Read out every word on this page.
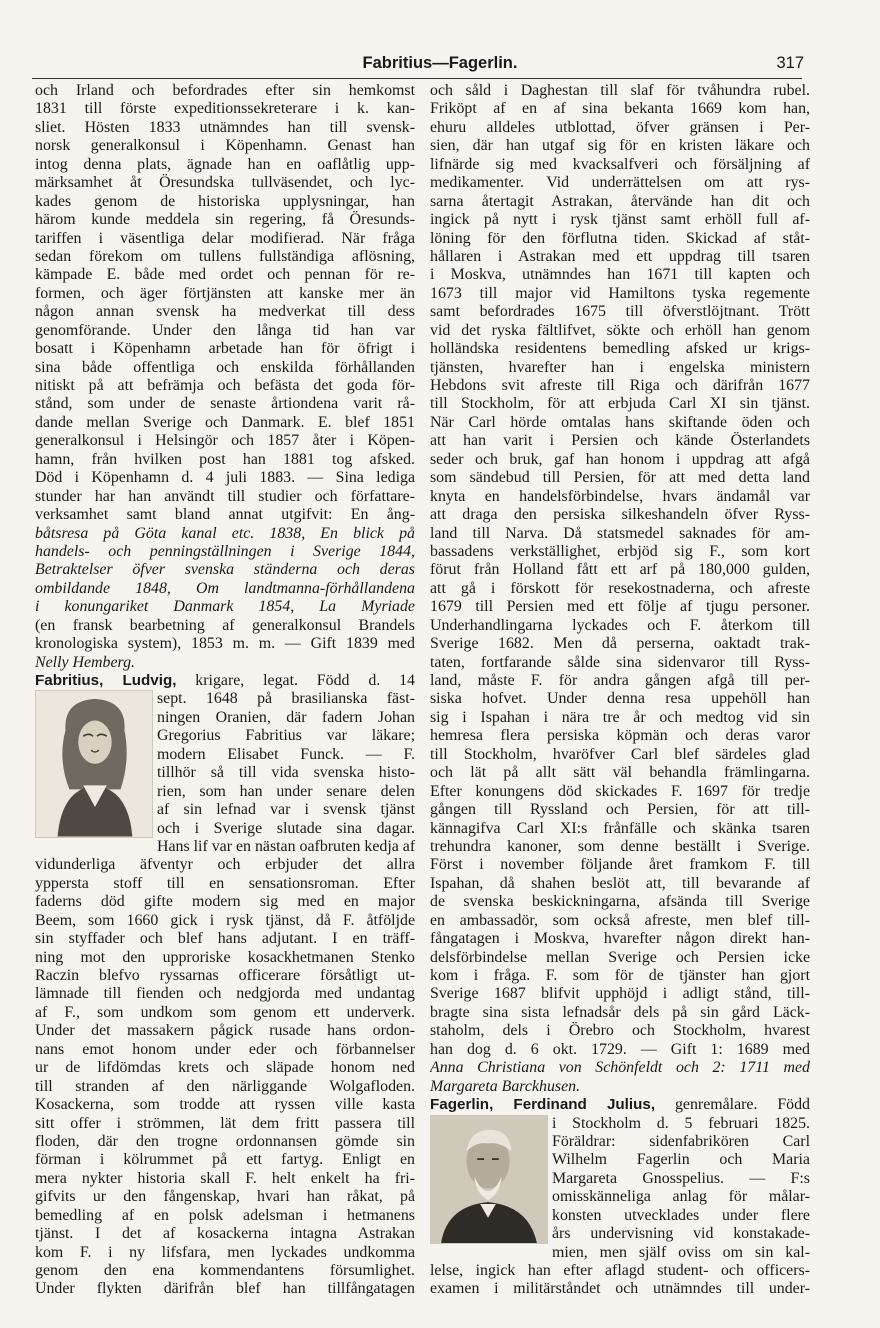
Fabritius—Fagerlin.	317
och Irland och befordrades efter sin hemkomst
1831 till förste expeditionssekreterare i k. kan-
sliet. Hösten 1833 utnämndes han till svensk-
norsk generalkonsul i Köpenhamn. Genast han
intog denna plats, ägnade han en oaflåtlig upp-
märksamhet åt Öresundska tullväsendet, och lyc-
kades genom de historiska upplysningar, han
härom kunde meddela sin regering, få Öresunds-
tariffen i väsentliga delar modifierad. När fråga
sedan förekom om tullens fullständiga aflösning,
kämpade E. både med ordet och pennan för re-
formen, och äger förtjänsten att kanske mer än
någon annan svensk ha medverkat till dess
genomförande. Under den långa tid han var
bosatt i Köpenhamn arbetade han för öfrigt i
sina både offentliga och enskilda förhållanden
nitiskt på att befrämja och befästa det goda för-
stånd, som under de senaste årtiondena varit rå-
dande mellan Sverige och Danmark. E. blef 1851
generalkonsul i Helsingör och 1857 åter i Köpen-
hamn, från hvilken post han 1881 tog afsked.
Död i Köpenhamn d. 4 juli 1883. — Sina lediga
stunder har han användt till studier och författare-
verksamhet samt bland annat utgifvit: En ång-
båtsresa på Göta kanal etc. 1838, En blick på
handels- och penningställningen i Sverige 1844,
Betraktelser öfver svenska ständerna och deras
ombildande 1848, Om landtmanna-förhållandena
i konungariket Danmark 1854, La Myriade
(en fransk bearbetning af generalkonsul Brandels
kronologiska system), 1853 m. m. — Gift 1839 med
Nelly Hemberg.
Fabritius, Ludvig, krigare, legat. Född d. 14
sept. 1648 på brasilianska fäst-
ningen Oranien, där fadern Johan
Gregorius Fabritius var läkare;
modern Elisabet Funck. — F.
tillhör så till vida svenska histo-
rien, som han under senare delen
af sin lefnad var i svensk tjänst
och i Sverige slutade sina dagar.
Hans lif var en nästan oafbruten kedja af
vidunderliga äfventyr och erbjuder det allra
yppersta stoff till en sensationsroman. Efter
faderns död gifte modern sig med en major
Beem, som 1660 gick i rysk tjänst, då F. åtföljde
sin styffader och blef hans adjutant. I en träff-
ning mot den upproriske kosackhetmanen Stenko
Raczin blefvo ryssarnas officerare försåtligt ut-
lämnade till fienden och nedgjorda med undantag
af F., som undkom som genom ett underverk.
Under det massakern pågick rusade hans ordon-
nans emot honom under eder och förbannelser
ur de lifdömdas krets och släpade honom ned
till stranden af den närliggande Wolgafloden.
Kosackerna, som trodde att ryssen ville kasta
sitt offer i strömmen, lät dem fritt passera till
floden, där den trogne ordonnansen gömde sin
förman i kölrummet på ett fartyg. Enligt en
mera nykter historia skall F. helt enkelt ha fri-
gifvits ur den fångenskap, hvari han råkat, på
bemedling af en polsk adelsman i hetmanens
tjänst. I det af kosackerna intagna Astrakan
kom F. i ny lifsfara, men lyckades undkomma
genom den ena kommendantens försumlighet.
Under flykten därifrån blef han tillfångatagen
och såld i Daghestan till slaf för tvåhundra rubel.
Friköpt af en af sina bekanta 1669 kom han,
ehuru alldeles utblottad, öfver gränsen i Per-
sien, där han utgaf sig för en kristen läkare och
lifnärde sig med kvacksalfveri och försäljning af
medikamenter. Vid underrättelsen om att rys-
sarna återtagit Astrakan, återvände han dit och
ingick på nytt i rysk tjänst samt erhöll full af-
löning för den förflutna tiden. Skickad af ståt-
hållaren i Astrakan med ett uppdrag till tsaren
i Moskva, utnämndes han 1671 till kapten och
1673 till major vid Hamiltons tyska regemente
samt befordrades 1675 till öfverstlöjtnant. Trött
vid det ryska fältlifvet, sökte och erhöll han genom
holländska residentens bemedling afsked ur krigs-
tjänsten, hvarefter han i engelska ministern
Hebdons svit afreste till Riga och därifrån 1677
till Stockholm, för att erbjuda Carl XI sin tjänst.
När Carl hörde omtalas hans skiftande öden och
att han varit i Persien och kände Österlandets
seder och bruk, gaf han honom i uppdrag att afgå
som sändebud till Persien, för att med detta land
knyta en handelsförbindelse, hvars ändamål var
att draga den persiska silkeshandeln öfver Ryss-
land till Narva. Då statsmedel saknades för am-
bassadens verkställighet, erbjöd sig F., som kort
förut från Holland fått ett arf på 180,000 gulden,
att gå i förskott för resekostnaderna, och afreste
1679 till Persien med ett följe af tjugu personer.
Underhandlingarna lyckades och F. återkom till
Sverige 1682. Men då perserna, oaktadt trak-
taten, fortfarande sålde sina sidenvaror till Ryss-
land, måste F. för andra gången afgå till per-
siska hofvet. Under denna resa uppehöll han
sig i Ispahan i nära tre år och medtog vid sin
hemresa flera persiska köpmän och deras varor
till Stockholm, hvaröfver Carl blef särdeles glad
och lät på allt sätt väl behandla främlingarna.
Efter konungens död skickades F. 1697 för tredje
gången till Ryssland och Persien, för att till-
kännagifva Carl XI:s frånfälle och skänka tsaren
trehundra kanoner, som denne beställt i Sverige.
Först i november följande året framkom F. till
Ispahan, då shahen beslöt att, till bevarande af
de svenska beskickningarna, afsända till Sverige
en ambassadör, som också afreste, men blef till-
fångatagen i Moskva, hvarefter någon direkt han-
delsförbindelse mellan Sverige och Persien icke
kom i fråga. F. som för de tjänster han gjort
Sverige 1687 blifvit upphöjd i adligt stånd, till-
bragte sina sista lefnadsår dels på sin gård Läck-
staholm, dels i Örebro och Stockholm, hvarest
han dog d. 6 okt. 1729. — Gift 1: 1689 med
Anna Christiana von Schönfeldt och 2: 1711 med
Margareta Barckhusen.
Fagerlin, Ferdinand Julius, genremålare. Född
i Stockholm d. 5 februari 1825.
Föräldrar: sidenfabrikören Carl
Wilhelm Fagerlin och Maria
Margareta Gnosspelius. — F:s
omisskänneliga anlag för målar-
konsten utvecklades under flere
års undervisning vid konstakade-
mien, men själf oviss om sin kal-
lelse, ingick han efter aflagd student- och officers-
examen i militärståndet och utnämndes till under-
